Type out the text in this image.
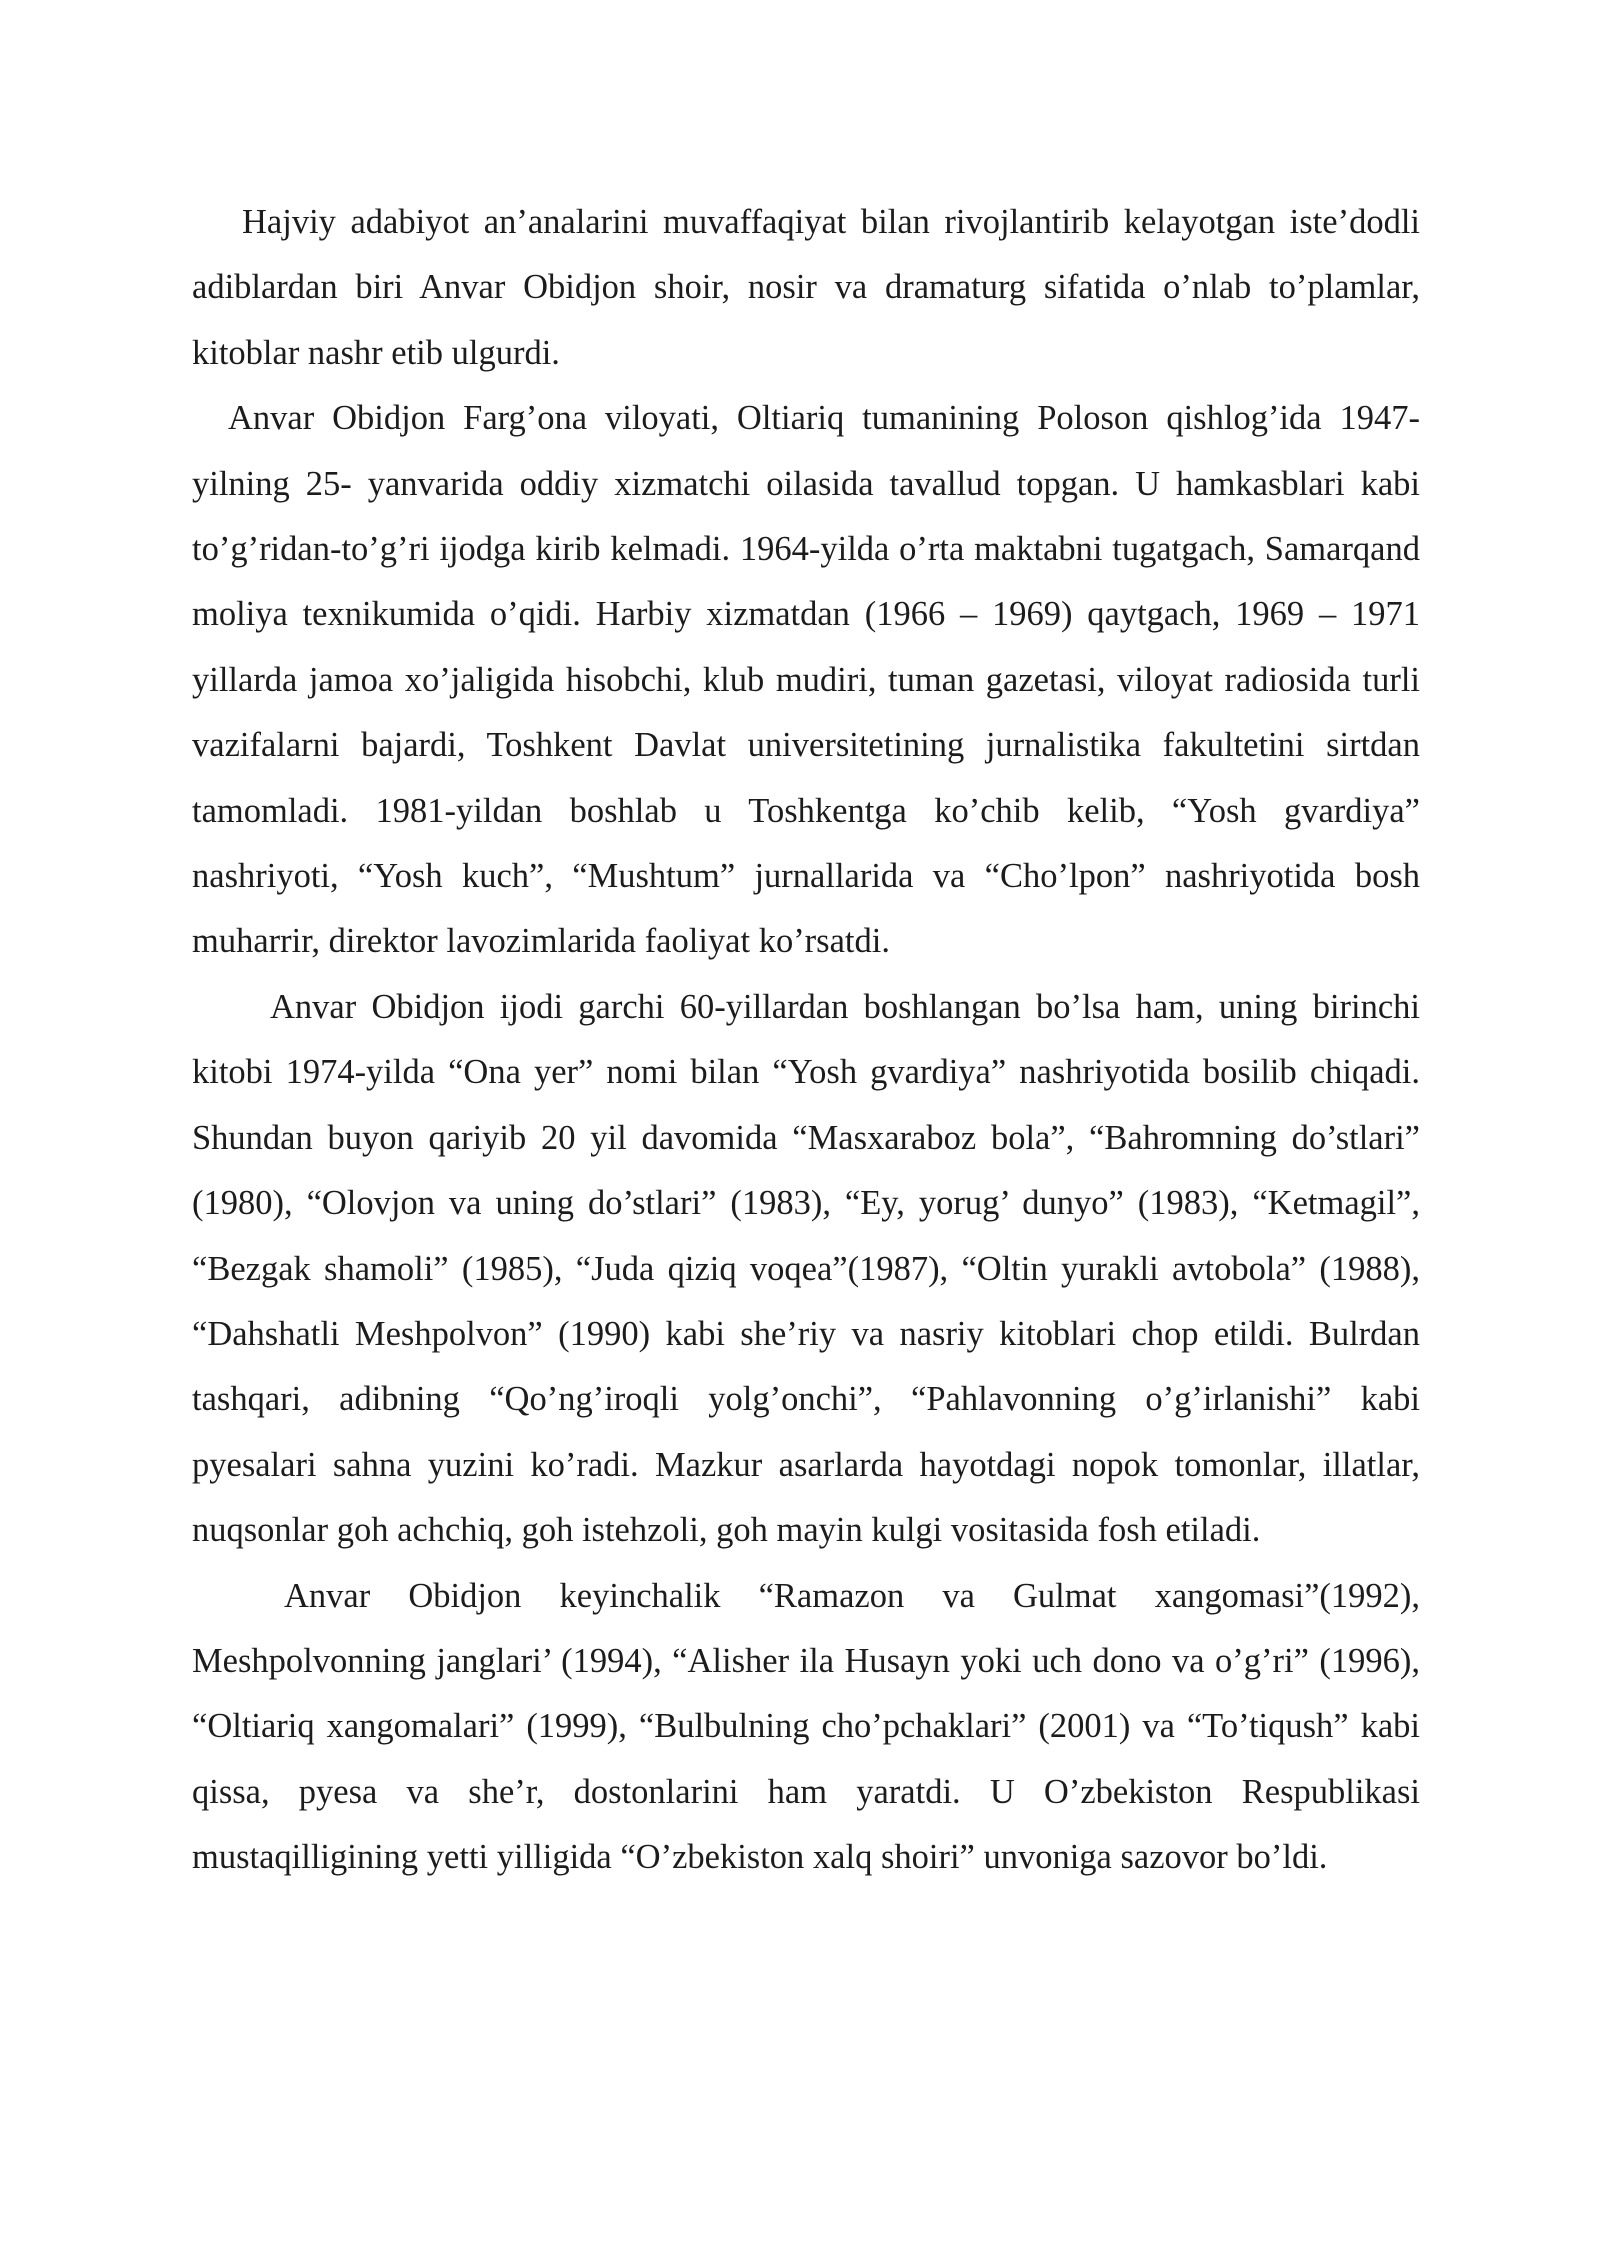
Hajviy adabiyot an’analarini muvaffaqiyat bilan rivojlantirib kelayotgan iste’dodli adiblardan biri Anvar Obidjon shoir, nosir va dramaturg sifatida o’nlab to’plamlar, kitoblar nashr etib ulgurdi.

Anvar Obidjon Farg’ona viloyati, Oltiariq tumanining Poloson qishlog’ida 1947- yilning 25- yanvarida oddiy xizmatchi oilasida tavallud topgan. U hamkasblari kabi to’g’ridan-to’g’ri ijodga kirib kelmadi. 1964-yilda o’rta maktabni tugatgach, Samarqand moliya texnikumida o’qidi. Harbiy xizmatdan (1966 – 1969) qaytgach, 1969 – 1971 yillarda jamoa xo’jaligida hisobchi, klub mudiri, tuman gazetasi, viloyat radiosida turli vazifalarni bajardi, Toshkent Davlat universitetining jurnalistika fakultetini sirtdan tamomladi. 1981-yildan boshlab u Toshkentga ko’chib kelib, “Yosh gvardiya” nashriyoti, “Yosh kuch”, “Mushtum” jurnallarida va “Cho’lpon” nashriyotida bosh muharrir, direktor lavozimlarida faoliyat ko’rsatdi.

Anvar Obidjon ijodi garchi 60-yillardan boshlangan bo’lsa ham, uning birinchi kitobi 1974-yilda “Ona yer” nomi bilan “Yosh gvardiya” nashriyotida bosilib chiqadi. Shundan buyon qariyib 20 yil davomida “Masxaraboz bola”, “Bahromning do’stlari” (1980), “Olovjon va uning do’stlari” (1983), “Ey, yorug’ dunyo” (1983), “Ketmagil”, “Bezgak shamoli” (1985), “Juda qiziq voqea”(1987), “Oltin yurakli avtobola” (1988), “Dahshatli Meshpolvon” (1990) kabi she’riy va nasriy kitoblari chop etildi. Bulrdan tashqari, adibning “Qo’ng’iroqli yolg’onchi”, “Pahlavonning o’g’irlanishi” kabi pyesalari sahna yuzini ko’radi. Mazkur asarlarda hayotdagi nopok tomonlar, illatlar, nuqsonlar goh achchiq, goh istehzoli, goh mayin kulgi vositasida fosh etiladi.

Anvar Obidjon keyinchalik “Ramazon va Gulmat xangomasi”(1992), Meshpolvonning janglari’ (1994), “Alisher ila Husayn yoki uch dono va o’g’ri” (1996), “Oltiariq xangomalari” (1999), “Bulbulning cho’pchaklari” (2001) va “To’tiqush” kabi qissa, pyesa va she’r, dostonlarini ham yaratdi. U O’zbekiston Respublikasi mustaqilligining yetti yilligida “O’zbekiston xalq shoiri” unvoniga sazovor bo’ldi.
